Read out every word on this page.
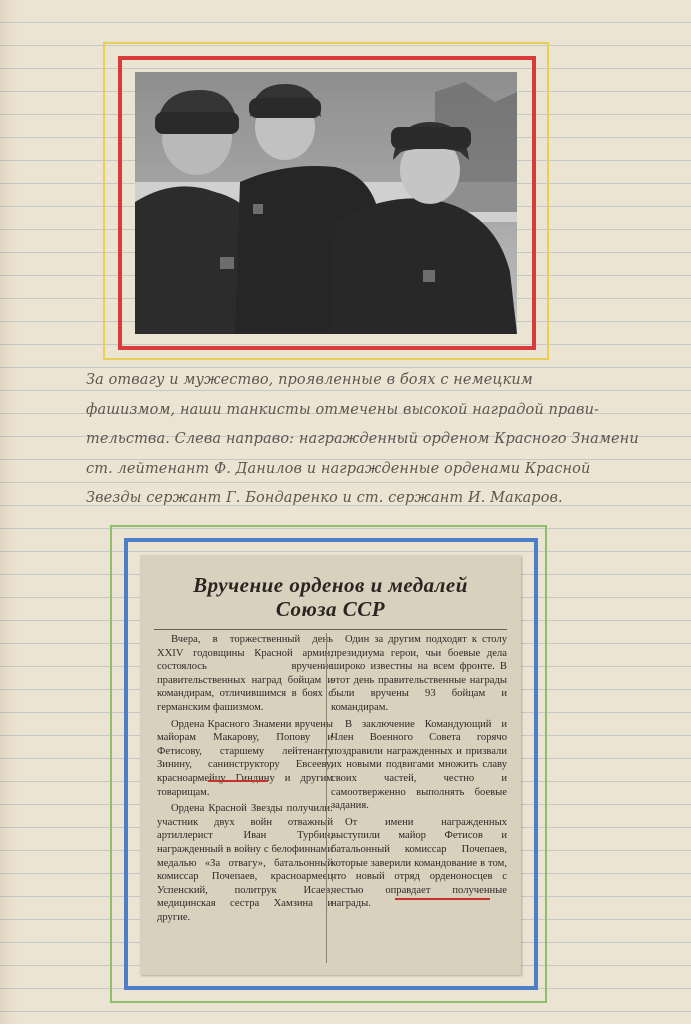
За отвагу и мужество, проявленные в боях с немецким
фашизмом, наши танкисты отмечены высокой наградой прави-
тельства. Слева направо: награжденный орденом Красного Знамени
ст. лейтенант Ф. Данилов и награжденные орденами Красной
Звезды сержант Г. Бондаренко и ст. сержант И. Макаров.
Вручение орденов и медалей
Союза ССР

Вчера, в торжественный день XXIV годовщины Красной армии, состоялось вручение правительственных наград бойцам и командирам, отличившимся в боях с германским фашизмом.

Ордена Красного Знамени вручены майорам Макарову, Попову и Фетисову, старшему лейтенанту Зинину, санинструктору Евсееву, красноармейцу Гиндину и другим товарищам.

Ордена Красной Звезды получили: участник двух войн отважный артиллерист Иван Турбин, награжденный в войну с белофиннами медалью «За отвагу», батальонный комиссар Почепаев, красноармеец Успенский, политрук Исаев, медицинская сестра Хамзина и другие.

Один за другим подходят к столу президиума герои, чьи боевые дела широко известны на всем фронте. В этот день правительственные награды были вручены 93 бойцам и командирам.

В заключение Командующий и Член Военного Совета горячо поздравили награжденных и призвали их новыми подвигами множить славу своих частей, честно и самоотверженно выполнять боевые задания.

От имени награжденных выступили майор Фетисов и батальонный комиссар Почепаев, которые заверили командование в том, что новый отряд орденоносцев с честью оправдает полученные награды.
